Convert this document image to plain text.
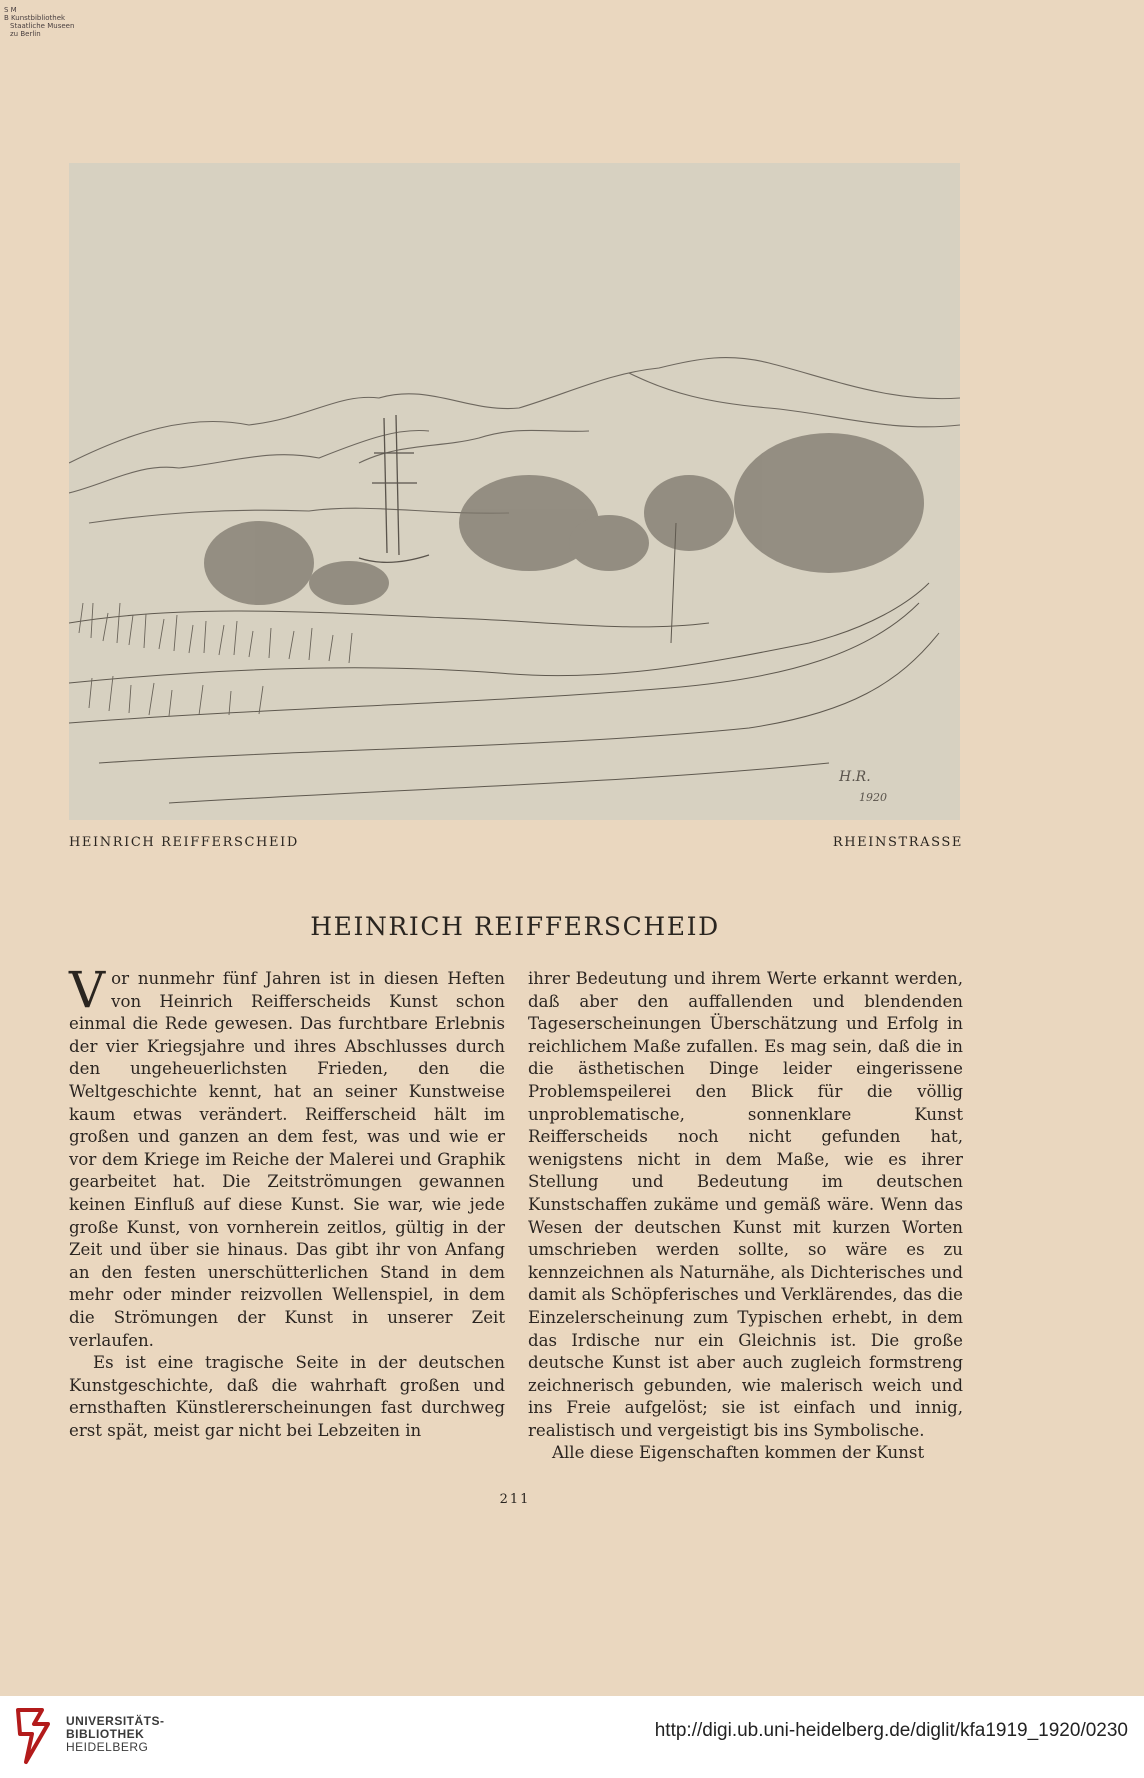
S M
B Kunstbibliothek
Staatliche Museen
zu Berlin
H.R.
1920
HEINRICH REIFFERSCHEID	RHEINSTRASSE
HEINRICH REIFFERSCHEID

Vor nunmehr fünf Jahren ist in diesen Heften von Heinrich Reifferscheids Kunst schon einmal die Rede gewesen. Das furchtbare Erlebnis der vier Kriegsjahre und ihres Abschlusses durch den ungeheuerlichsten Frieden, den die Weltgeschichte kennt, hat an seiner Kunstweise kaum etwas verändert. Reifferscheid hält im großen und ganzen an dem fest, was und wie er vor dem Kriege im Reiche der Malerei und Graphik gearbeitet hat. Die Zeitströmungen gewannen keinen Einfluß auf diese Kunst. Sie war, wie jede große Kunst, von vornherein zeitlos, gültig in der Zeit und über sie hinaus. Das gibt ihr von Anfang an den festen unerschütterlichen Stand in dem mehr oder minder reizvollen Wellenspiel, in dem die Strömungen der Kunst in unserer Zeit verlaufen.

Es ist eine tragische Seite in der deutschen Kunstgeschichte, daß die wahrhaft großen und ernsthaften Künstlererscheinungen fast durchweg erst spät, meist gar nicht bei Lebzeiten in

ihrer Bedeutung und ihrem Werte erkannt werden, daß aber den auffallenden und blendenden Tageserscheinungen Überschätzung und Erfolg in reichlichem Maße zufallen. Es mag sein, daß die in die ästhetischen Dinge leider eingerissene Problemspeilerei den Blick für die völlig unproblematische, sonnenklare Kunst Reifferscheids noch nicht gefunden hat, wenigstens nicht in dem Maße, wie es ihrer Stellung und Bedeutung im deutschen Kunstschaffen zukäme und gemäß wäre. Wenn das Wesen der deutschen Kunst mit kurzen Worten umschrieben werden sollte, so wäre es zu kennzeichnen als Naturnähe, als Dichterisches und damit als Schöpferisches und Verklärendes, das die Einzelerscheinung zum Typischen erhebt, in dem das Irdische nur ein Gleichnis ist. Die große deutsche Kunst ist aber auch zugleich formstreng zeichnerisch gebunden, wie malerisch weich und ins Freie aufgelöst; sie ist einfach und innig, realistisch und vergeistigt bis ins Symbolische.

Alle diese Eigenschaften kommen der Kunst

211
UNIVERSITÄTS-
BIBLIOTHEK
HEIDELBERG
http://digi.ub.uni-heidelberg.de/diglit/kfa1919_1920/0230
